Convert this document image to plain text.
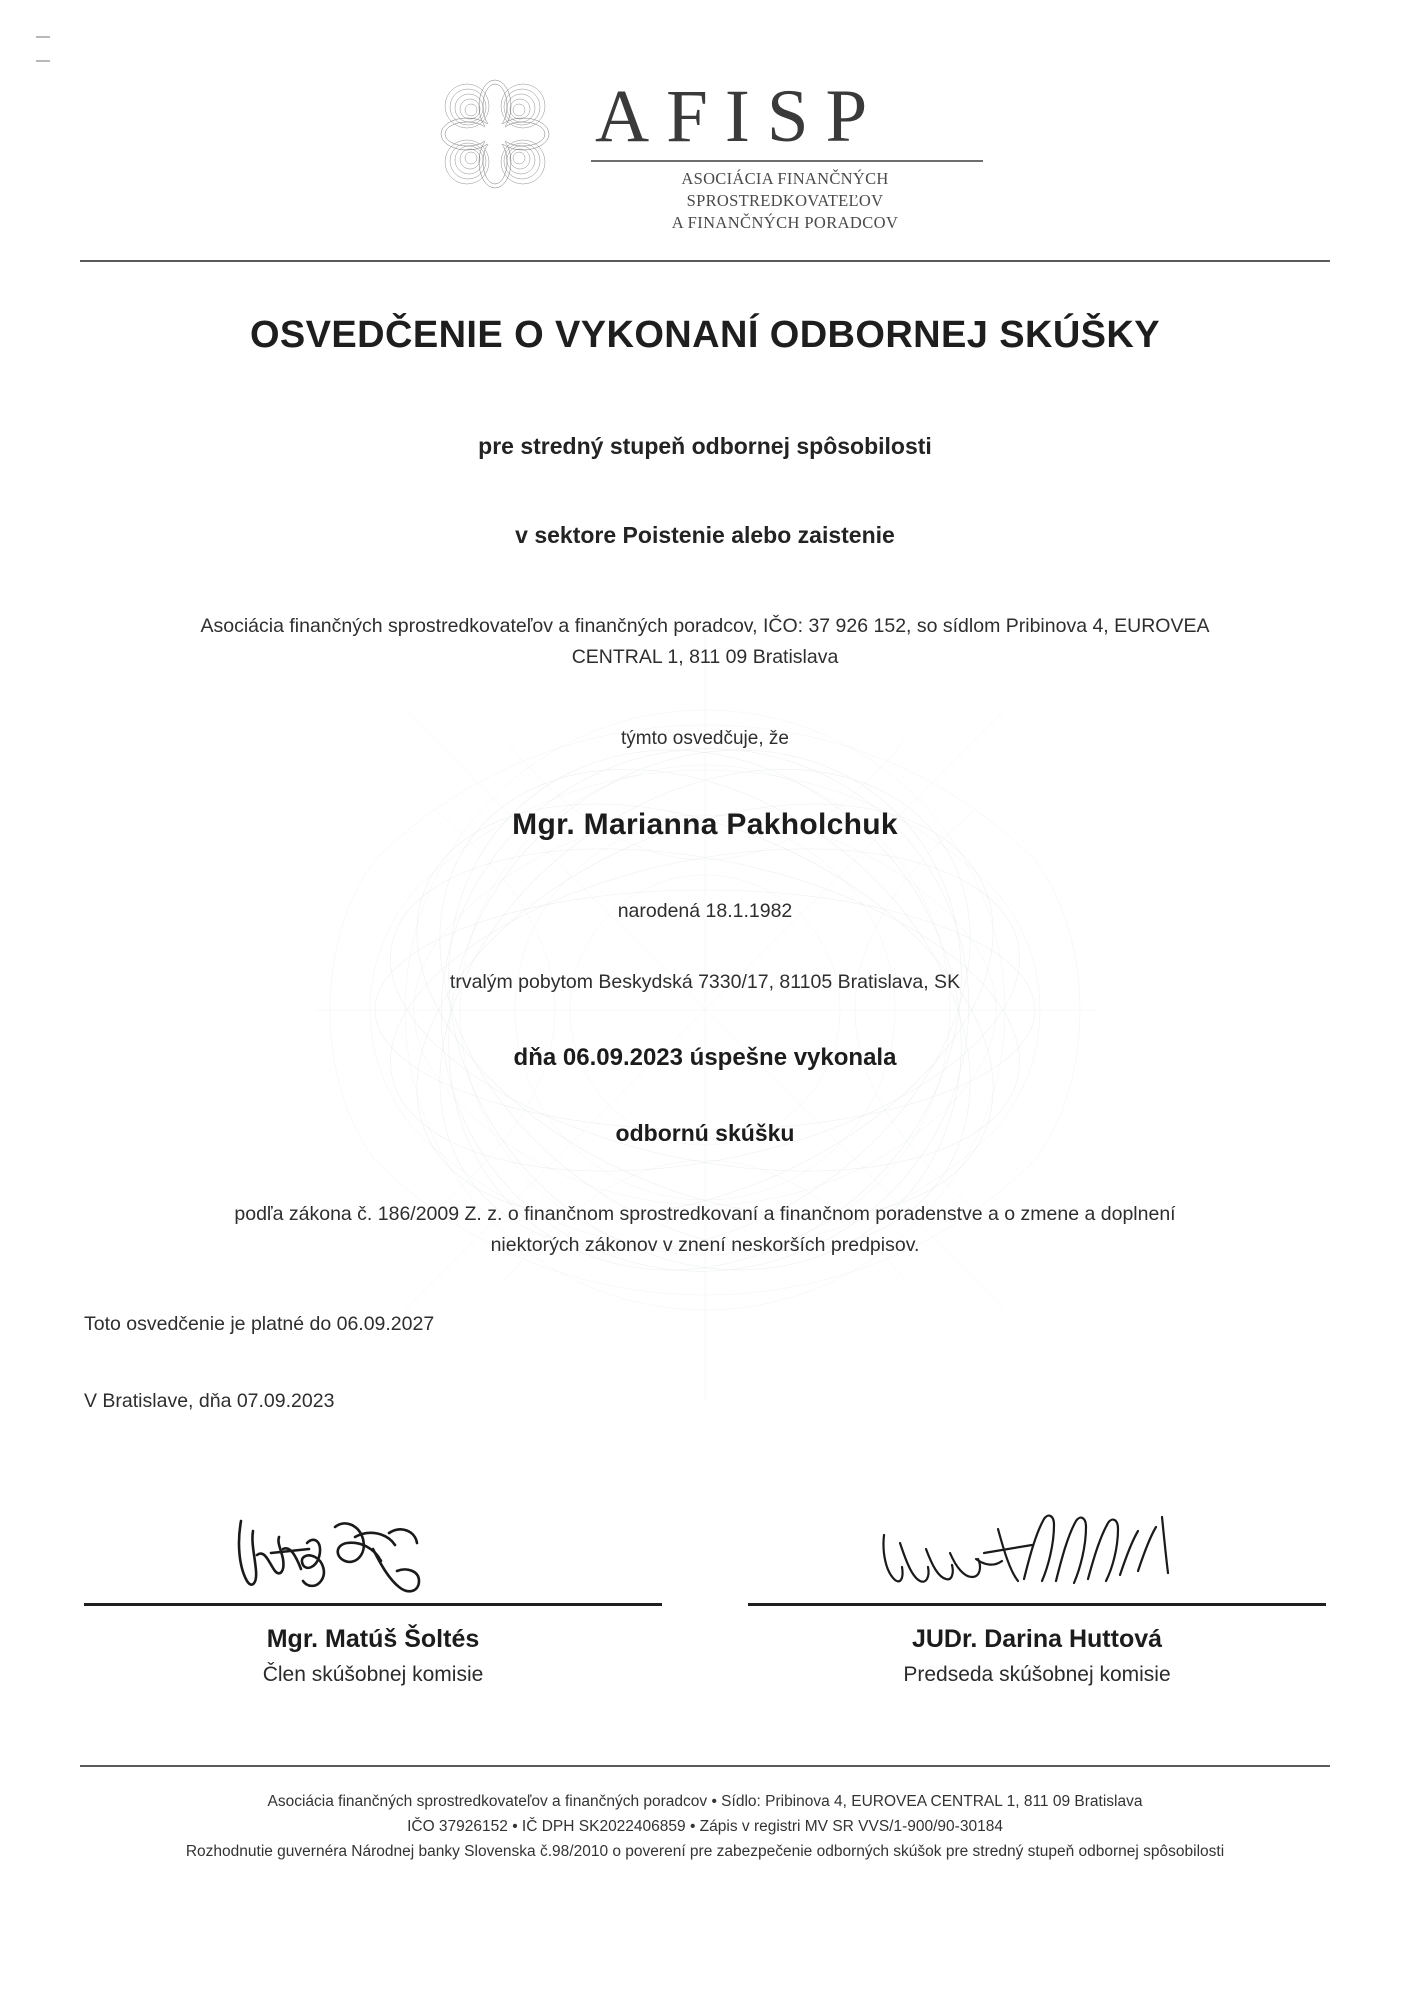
AFISP
ASOCIÁCIA FINANČNÝCH SPROSTREDKOVATEĽOV
A FINANČNÝCH PORADCOV
OSVEDČENIE O VYKONANÍ ODBORNEJ SKÚŠKY
pre stredný stupeň odbornej spôsobilosti
v sektore Poistenie alebo zaistenie
Asociácia finančných sprostredkovateľov a finančných poradcov, IČO: 37 926 152, so sídlom Pribinova 4, EUROVEA
CENTRAL 1, 811 09 Bratislava
týmto osvedčuje, že
Mgr. Marianna Pakholchuk
narodená 18.1.1982
trvalým pobytom Beskydská 7330/17, 81105 Bratislava, SK
dňa 06.09.2023 úspešne vykonala
odbornú skúšku
podľa zákona č. 186/2009 Z. z. o finančnom sprostredkovaní a finančnom poradenstve a o zmene a doplnení
niektorých zákonov v znení neskorších predpisov.
Toto osvedčenie je platné do 06.09.2027
V Bratislave, dňa 07.09.2023
Mgr. Matúš Šoltés
Člen skúšobnej komisie
JUDr. Darina Huttová
Predseda skúšobnej komisie
Asociácia finančných sprostredkovateľov a finančných poradcov • Sídlo: Pribinova 4, EUROVEA CENTRAL 1, 811 09 Bratislava
IČO 37926152 • IČ DPH SK2022406859 • Zápis v registri MV SR VVS/1-900/90-30184
Rozhodnutie guvernéra Národnej banky Slovenska č.98/2010 o poverení pre zabezpečenie odborných skúšok pre stredný stupeň odbornej spôsobilosti
